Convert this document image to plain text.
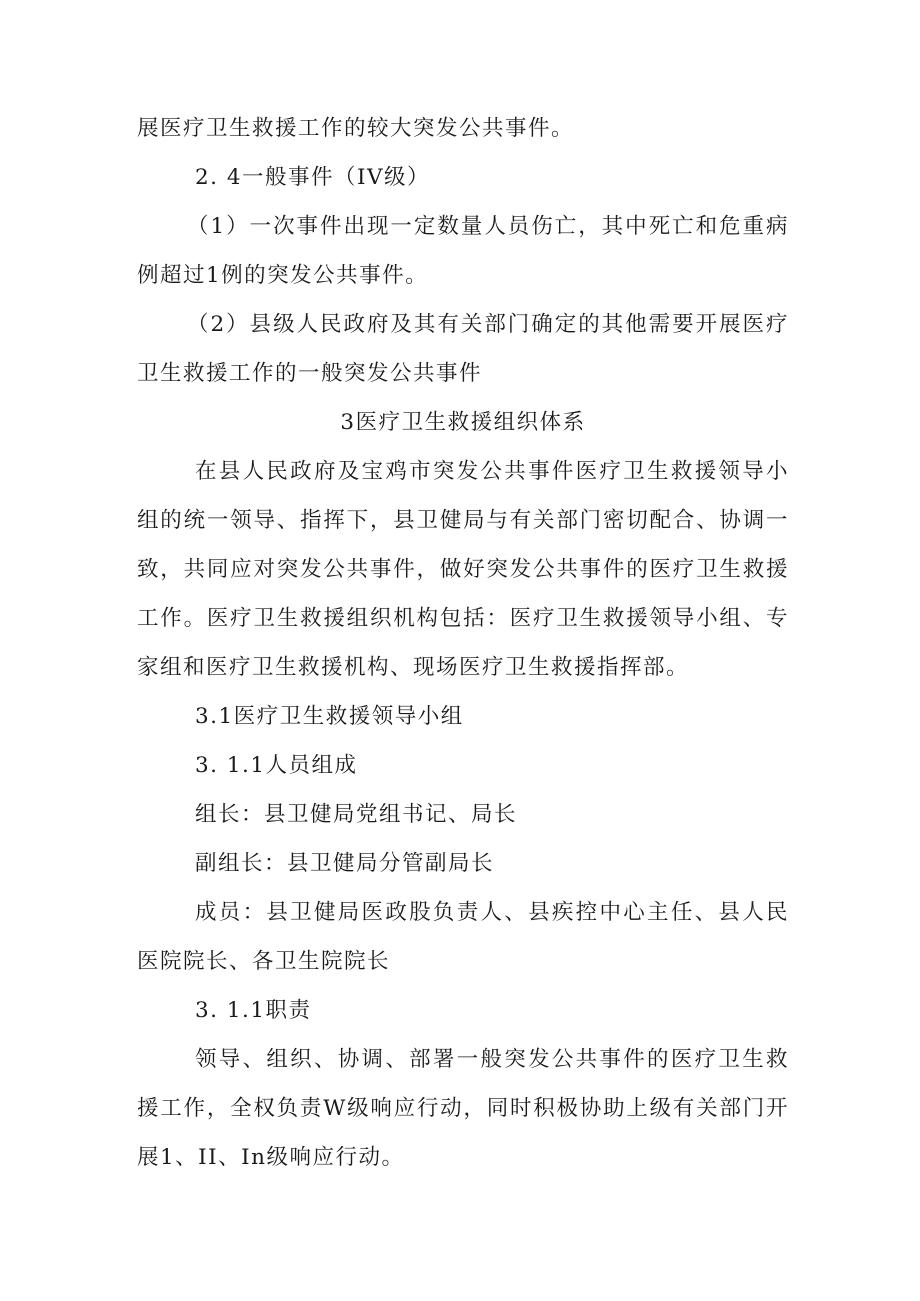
展医疗卫生救援工作的较大突发公共事件。

2. 4一般事件（IV级）

（1）一次事件出现一定数量人员伤亡，其中死亡和危重病例超过1例的突发公共事件。

（2）县级人民政府及其有关部门确定的其他需要开展医疗卫生救援工作的一般突发公共事件

3医疗卫生救援组织体系

在县人民政府及宝鸡市突发公共事件医疗卫生救援领导小组的统一领导、指挥下，县卫健局与有关部门密切配合、协调一致，共同应对突发公共事件，做好突发公共事件的医疗卫生救援工作。医疗卫生救援组织机构包括：医疗卫生救援领导小组、专家组和医疗卫生救援机构、现场医疗卫生救援指挥部。

3.1医疗卫生救援领导小组

3. 1.1人员组成

组长：县卫健局党组书记、局长

副组长：县卫健局分管副局长

成员：县卫健局医政股负责人、县疾控中心主任、县人民医院院长、各卫生院院长

3. 1.1职责

领导、组织、协调、部署一般突发公共事件的医疗卫生救援工作，全权负责W级响应行动，同时积极协助上级有关部门开展1、II、In级响应行动。
